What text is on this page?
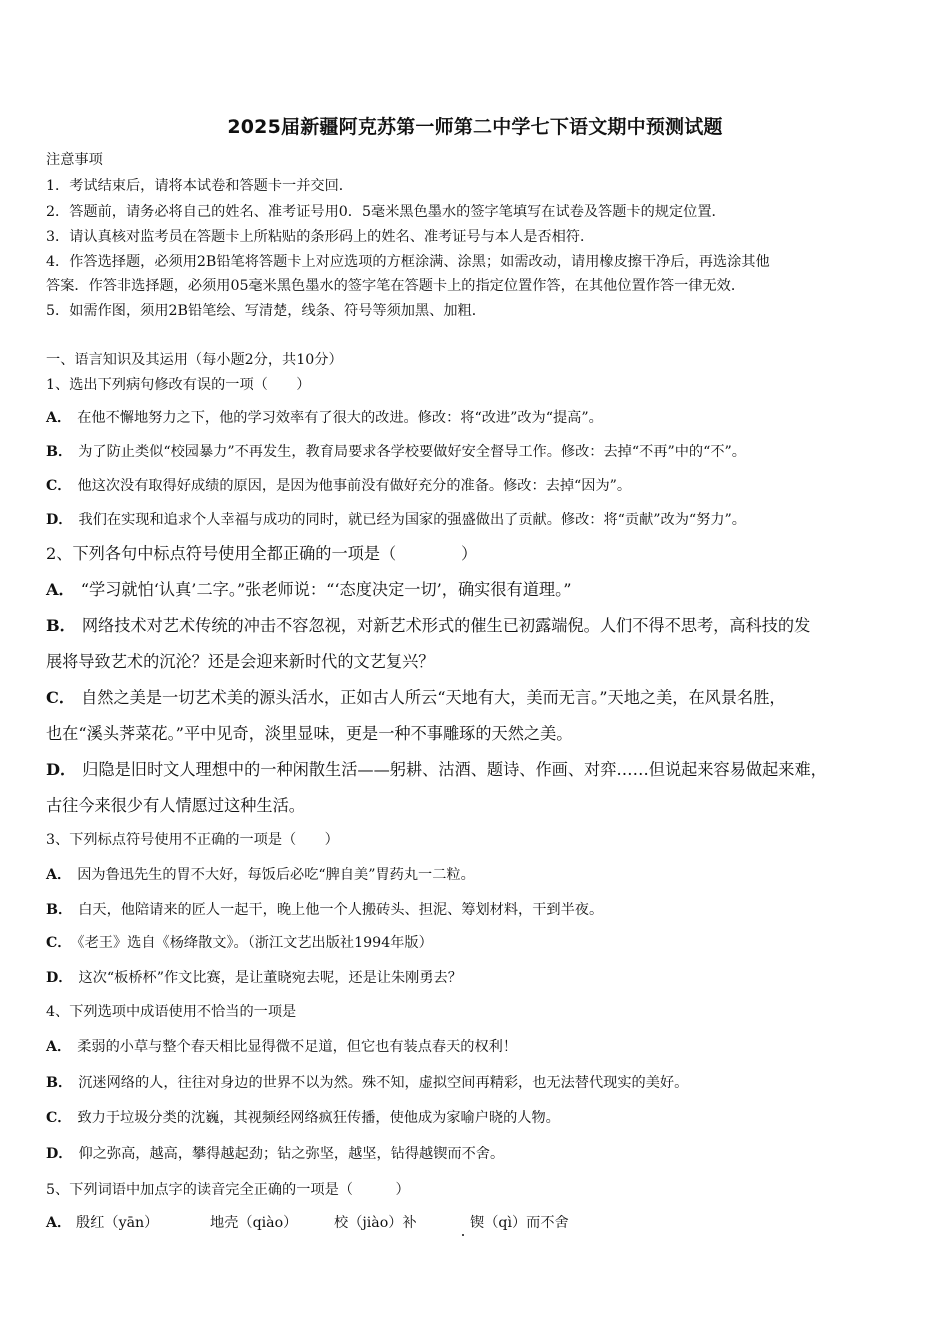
2025届新疆阿克苏第一师第二中学七下语文期中预测试题
注意事项
1．考试结束后，请将本试卷和答题卡一并交回．
2．答题前，请务必将自己的姓名、准考证号用0．5毫米黑色墨水的签字笔填写在试卷及答题卡的规定位置．
3．请认真核对监考员在答题卡上所粘贴的条形码上的姓名、准考证号与本人是否相符．
4．作答选择题，必须用2B铅笔将答题卡上对应选项的方框涂满、涂黑；如需改动，请用橡皮擦干净后，再选涂其他
答案．作答非选择题，必须用05毫米黑色墨水的签字笔在答题卡上的指定位置作答，在其他位置作答一律无效．
5．如需作图，须用2B铅笔绘、写清楚，线条、符号等须加黑、加粗．
一、语言知识及其运用（每小题2分，共10分）
1、选出下列病句修改有误的一项（　　）
A． 在他不懈地努力之下，他的学习效率有了很大的改进。修改：将“改进”改为“提高”。
B． 为了防止类似“校园暴力”不再发生，教育局要求各学校要做好安全督导工作。修改：去掉“不再”中的“不”。
C． 他这次没有取得好成绩的原因，是因为他事前没有做好充分的准备。修改：去掉“因为”。
D． 我们在实现和追求个人幸福与成功的同时，就已经为国家的强盛做出了贡献。修改：将“贡献”改为“努力”。
2、下列各句中标点符号使用全都正确的一项是（　　　　）
A． “学习就怕‘认真’二字。”张老师说：“‘态度决定一切’，确实很有道理。”
B． 网络技术对艺术传统的冲击不容忽视，对新艺术形式的催生已初露端倪。人们不得不思考，高科技的发
展将导致艺术的沉沦？还是会迎来新时代的文艺复兴？
C． 自然之美是一切艺术美的源头活水，正如古人所云“天地有大，美而无言。”天地之美，在风景名胜，
也在“溪头荠菜花。”平中见奇，淡里显味，更是一种不事雕琢的天然之美。
D． 归隐是旧时文人理想中的一种闲散生活——躬耕、沽酒、题诗、作画、对弈……但说起来容易做起来难，
古往今来很少有人情愿过这种生活。
3、下列标点符号使用不正确的一项是（　　）
A． 因为鲁迅先生的胃不大好，每饭后必吃“脾自美”胃药丸一二粒。
B． 白天，他陪请来的匠人一起干，晚上他一个人搬砖头、担泥、筹划材料，干到半夜。
C． 《老王》选自《杨绛散文》。（浙江文艺出版社1994年版）
D． 这次“板桥杯”作文比赛，是让董晓宛去呢，还是让朱刚勇去？
4、下列选项中成语使用不恰当的一项是
A． 柔弱的小草与整个春天相比显得微不足道，但它也有装点春天的权利！
B． 沉迷网络的人，往往对身边的世界不以为然。殊不知，虚拟空间再精彩，也无法替代现实的美好。
C． 致力于垃圾分类的沈巍，其视频经网络疯狂传播，使他成为家喻户晓的人物。
D． 仰之弥高，越高，攀得越起劲；钻之弥坚，越坚，钻得越锲而不舍。
5、下列词语中加点字的读音完全正确的一项是（　　　）
A． 殷红（yān）	地壳（qiào）	校（jiào）补	锲（qì）而不舍
